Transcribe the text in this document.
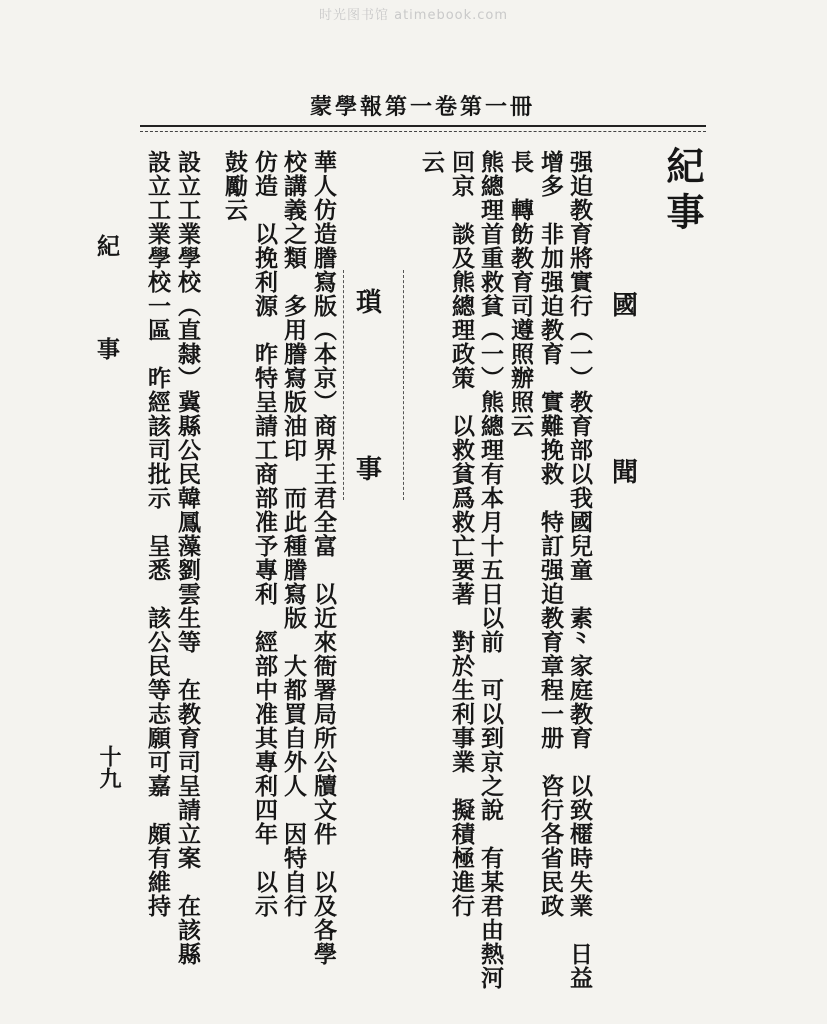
时光图书馆 atimebook.com
蒙學報第一卷第一冊
紀事
國
聞
瑣
事	强迫教育將實行（一）教育部以我國兒童　素⺀家庭教育　以致𣘗時失業　日益
增多　非加强迫教育　實難挽救　特訂强迫教育章程一册　咨行各省民政
長　轉飭教育司遵照辦照云
熊總理首重救貧（一）熊總理有本月十五日以前　可以到京之說　有某君由熱河
回京　談及熊總理政策　以救貧爲救亡要著　對於生利事業　擬積極進行
云
華人仿造謄寫版（本京）商界王君全富　以近來衙署局所公牘文件　以及各學
校講義之類　多用謄寫版油印　而此種謄寫版　大都買自外人　因特自行
仿造　以挽利源　昨特呈請工商部准予專利　經部中准其專利四年　以示
鼓勵云
設立工業學校（直隸）冀縣公民韓鳳藻劉雲生等　在教育司呈請立案　在該縣
設立工業學校一區　昨經該司批示　呈悉　該公民等志願可嘉　頗有維持
紀
事
十九
